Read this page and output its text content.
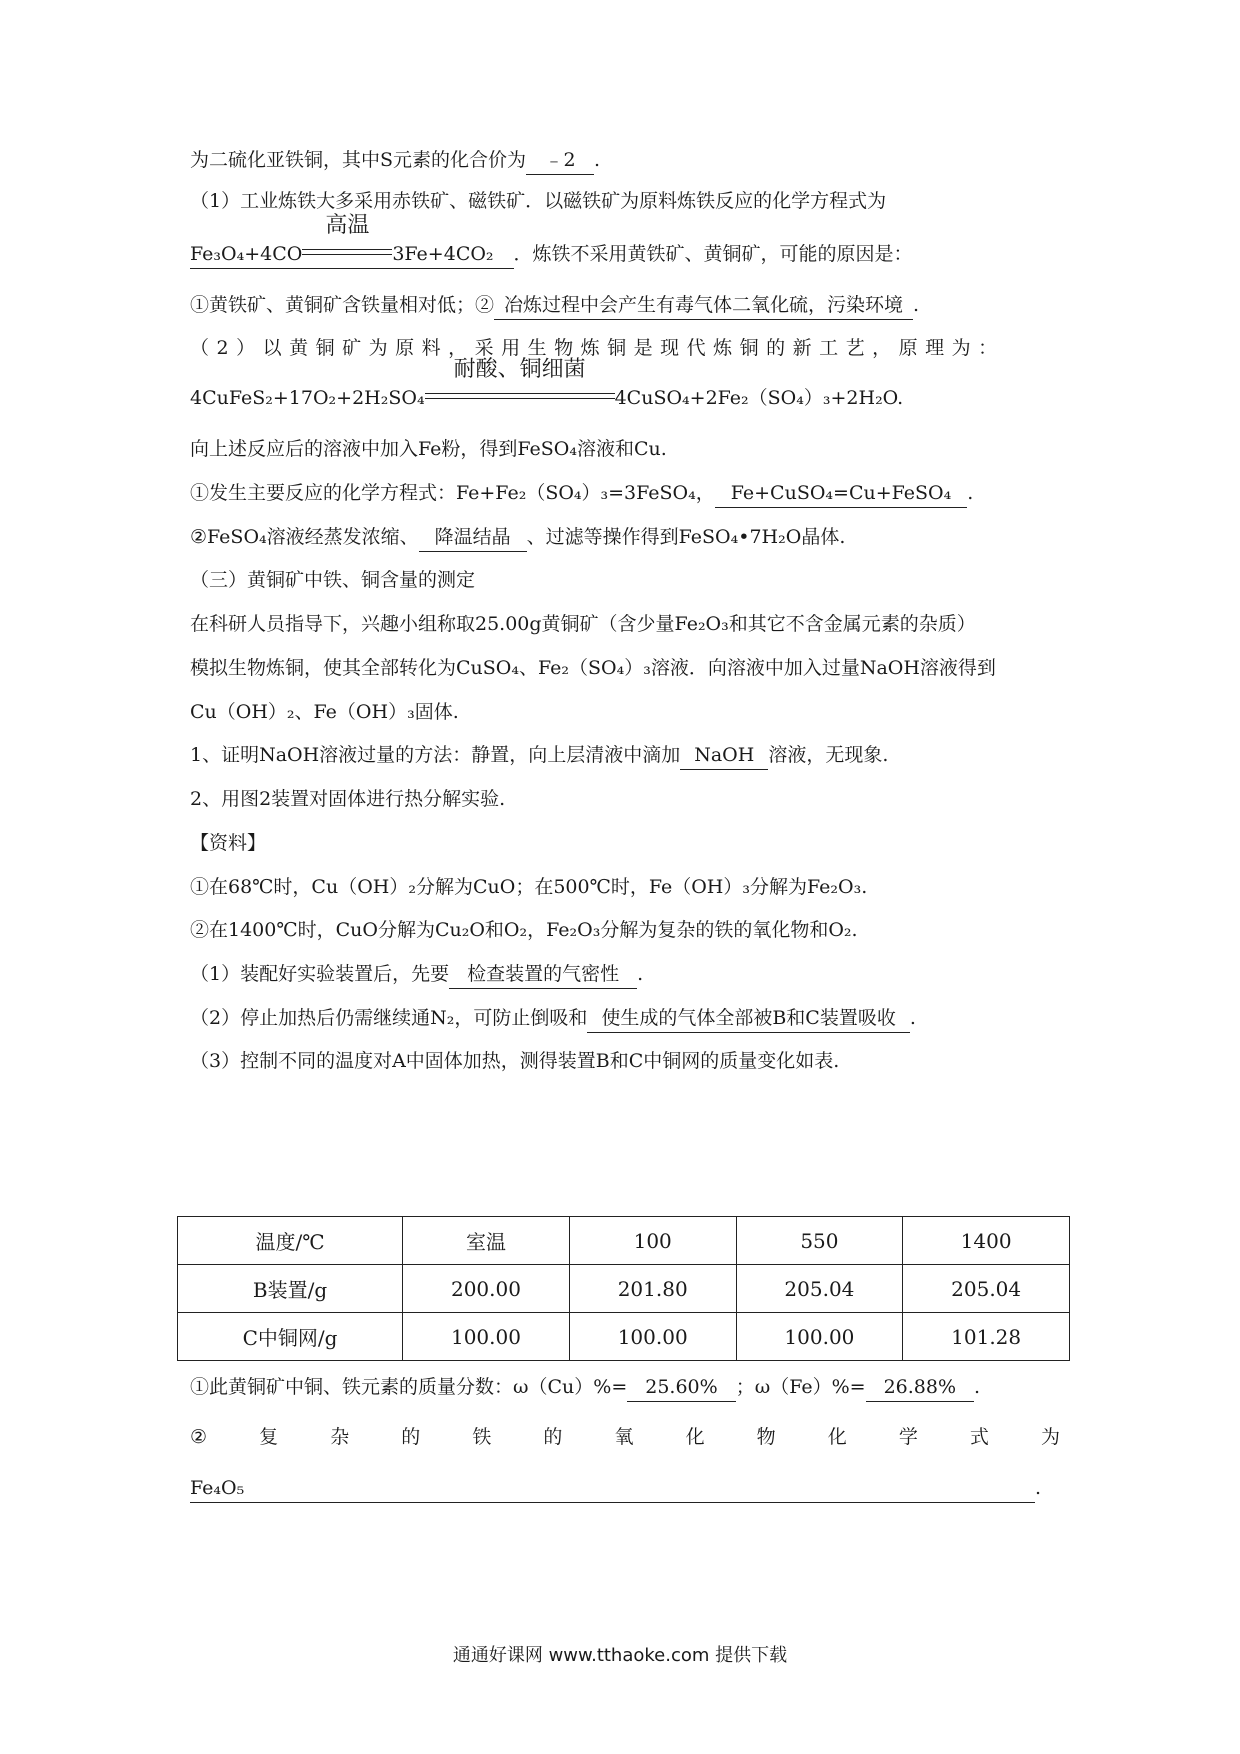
为二硫化亚铁铜，其中S元素的化合价为 ﹣2 .
（1）工业炼铁大多采用赤铁矿、磁铁矿．以磁铁矿为原料炼铁反应的化学方程式为
Fe₃O₄+4CO
高温
3Fe+4CO₂ ．炼铁不采用黄铁矿、黄铜矿，可能的原因是：
①黄铁矿、黄铜矿含铁量相对低；② 冶炼过程中会产生有毒气体二氧化硫，污染环境 .
（2）以黄铜矿为原料，采用生物炼铜是现代炼铜的新工艺，原理为：
4CuFeS₂+17O₂+2H₂SO₄
耐酸、铜细菌
4CuSO₄+2Fe₂（SO₄）₃+2H₂O.
向上述反应后的溶液中加入Fe粉，得到FeSO₄溶液和Cu.
①发生主要反应的化学方程式：Fe+Fe₂（SO₄）₃=3FeSO₄， Fe+CuSO₄=Cu+FeSO₄ .
②FeSO₄溶液经蒸发浓缩、 降温结晶 、过滤等操作得到FeSO₄•7H₂O晶体.
（三）黄铜矿中铁、铜含量的测定
在科研人员指导下，兴趣小组称取25.00g黄铜矿（含少量Fe₂O₃和其它不含金属元素的杂质）
模拟生物炼铜，使其全部转化为CuSO₄、Fe₂（SO₄）₃溶液．向溶液中加入过量NaOH溶液得到
Cu（OH）₂、Fe（OH）₃固体.
1、证明NaOH溶液过量的方法：静置，向上层清液中滴加 NaOH 溶液，无现象.
2、用图2装置对固体进行热分解实验.
【资料】
①在68℃时，Cu（OH）₂分解为CuO；在500℃时，Fe（OH）₃分解为Fe₂O₃.
②在1400℃时，CuO分解为Cu₂O和O₂，Fe₂O₃分解为复杂的铁的氧化物和O₂.
（1）装配好实验装置后，先要 检查装置的气密性 .
（2）停止加热后仍需继续通N₂，可防止倒吸和 使生成的气体全部被B和C装置吸收 .
（3）控制不同的温度对A中固体加热，测得装置B和C中铜网的质量变化如表.
温度/℃	室温	100	550	1400
B装置/g	200.00	201.80	205.04	205.04
C中铜网/g	100.00	100.00	100.00	101.28
①此黄铜矿中铜、铁元素的质量分数：ω（Cu）%= 25.60% ；ω（Fe）%= 26.88% .
②	复	杂	的	铁	的	氧	化	物	化	学	式	为
Fe₄O₅	.
通通好课网 www.tthaoke.com 提供下载
